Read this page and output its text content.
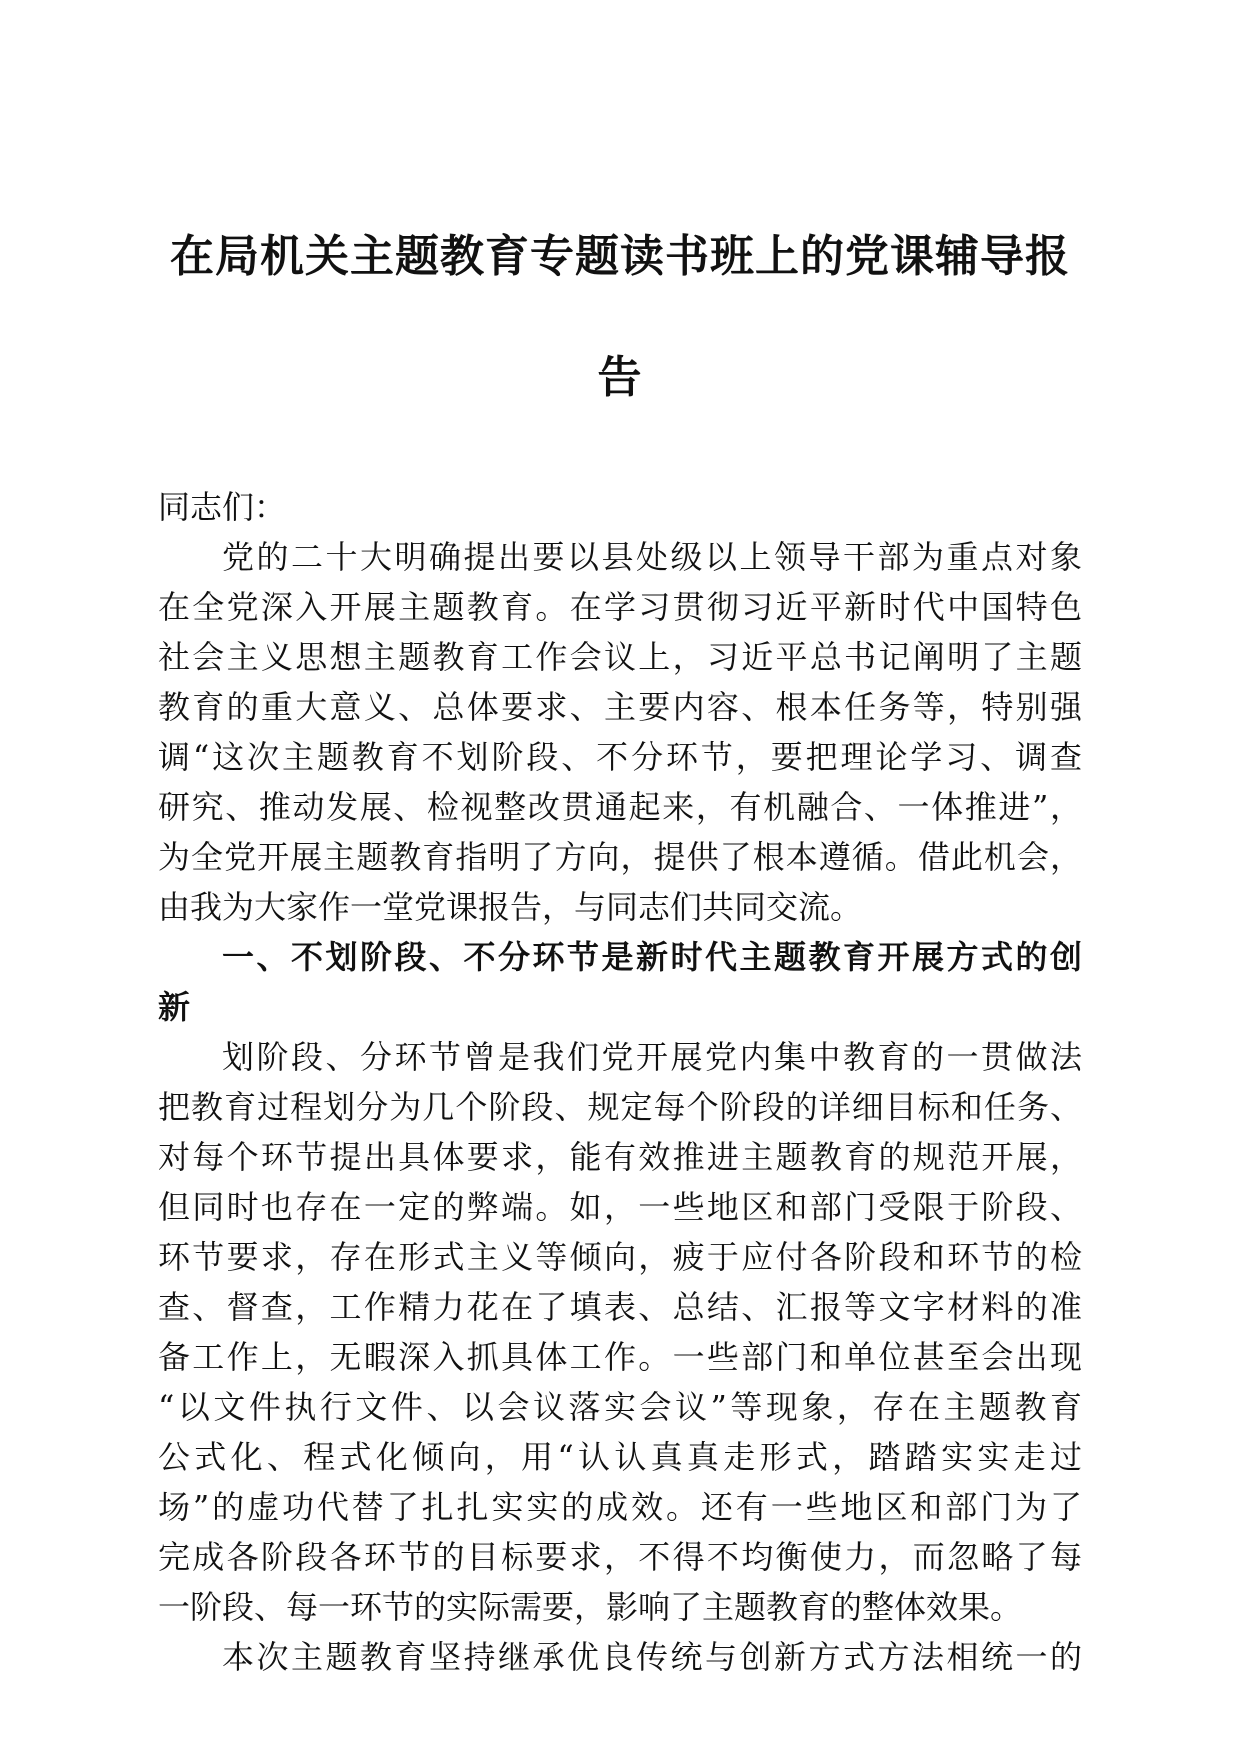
在局机关主题教育专题读书班上的党课辅导报
告
同志们：
党的二十大明确提出要以县处级以上领导干部为重点对象
在全党深入开展主题教育。在学习贯彻习近平新时代中国特色
社会主义思想主题教育工作会议上，习近平总书记阐明了主题
教育的重大意义、总体要求、主要内容、根本任务等，特别强
调“这次主题教育不划阶段、不分环节，要把理论学习、调查
研究、推动发展、检视整改贯通起来，有机融合、一体推进”，
为全党开展主题教育指明了方向，提供了根本遵循。借此机会，
由我为大家作一堂党课报告，与同志们共同交流。
一、不划阶段、不分环节是新时代主题教育开展方式的创
新
划阶段、分环节曾是我们党开展党内集中教育的一贯做法
把教育过程划分为几个阶段、规定每个阶段的详细目标和任务、
对每个环节提出具体要求，能有效推进主题教育的规范开展，
但同时也存在一定的弊端。如，一些地区和部门受限于阶段、
环节要求，存在形式主义等倾向，疲于应付各阶段和环节的检
查、督查，工作精力花在了填表、总结、汇报等文字材料的准
备工作上，无暇深入抓具体工作。一些部门和单位甚至会出现
“以文件执行文件、以会议落实会议”等现象，存在主题教育
公式化、程式化倾向，用“认认真真走形式，踏踏实实走过
场”的虚功代替了扎扎实实的成效。还有一些地区和部门为了
完成各阶段各环节的目标要求，不得不均衡使力，而忽略了每
一阶段、每一环节的实际需要，影响了主题教育的整体效果。
本次主题教育坚持继承优良传统与创新方式方法相统一的
